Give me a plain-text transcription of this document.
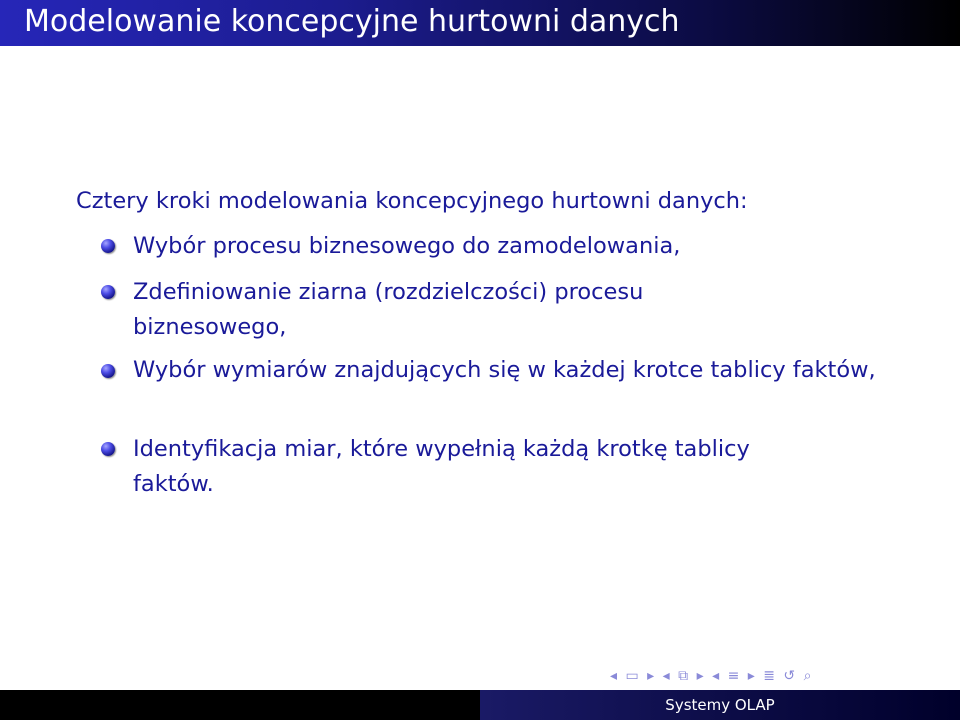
Modelowanie koncepcyjne hurtowni danych
Cztery kroki modelowania koncepcyjnego hurtowni danych:
Wybór procesu biznesowego do zamodelowania,
Zdefiniowanie ziarna (rozdzielczości) procesu biznesowego,
Wybór wymiarów znajdujących się w każdej krotce tablicy faktów,
Identyfikacja miar, które wypełnią każdą krotkę tablicy faktów.
◂ ▭ ▸ ◂ ⧉ ▸ ◂ ≡ ▸ ≣ ↺ ⌕
Systemy OLAP
